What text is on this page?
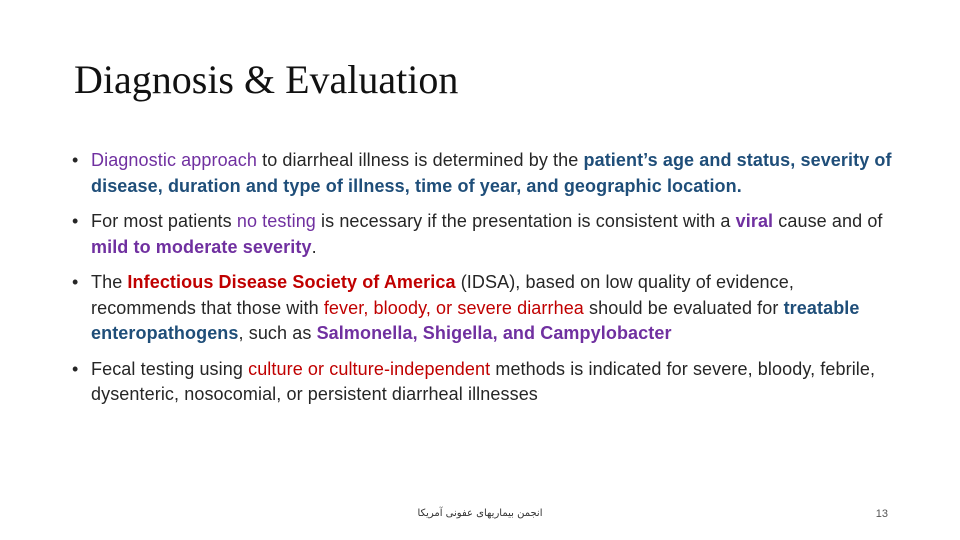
Diagnosis & Evaluation
• Diagnostic approach to diarrheal illness is determined by the patient’s age and status, severity of disease, duration and type of illness, time of year, and geographic location.
• For most patients no testing is necessary if the presentation is consistent with a viral cause and of mild to moderate severity.
• The Infectious Disease Society of America (IDSA), based on low quality of evidence, recommends that those with fever, bloody, or severe diarrhea should be evaluated for treatable enteropathogens, such as Salmonella, Shigella, and Campylobacter
• Fecal testing using culture or culture-independent methods is indicated for severe, bloody, febrile, dysenteric, nosocomial, or persistent diarrheal illnesses
انجمن بیماریهای عفونی آمریکا	13
